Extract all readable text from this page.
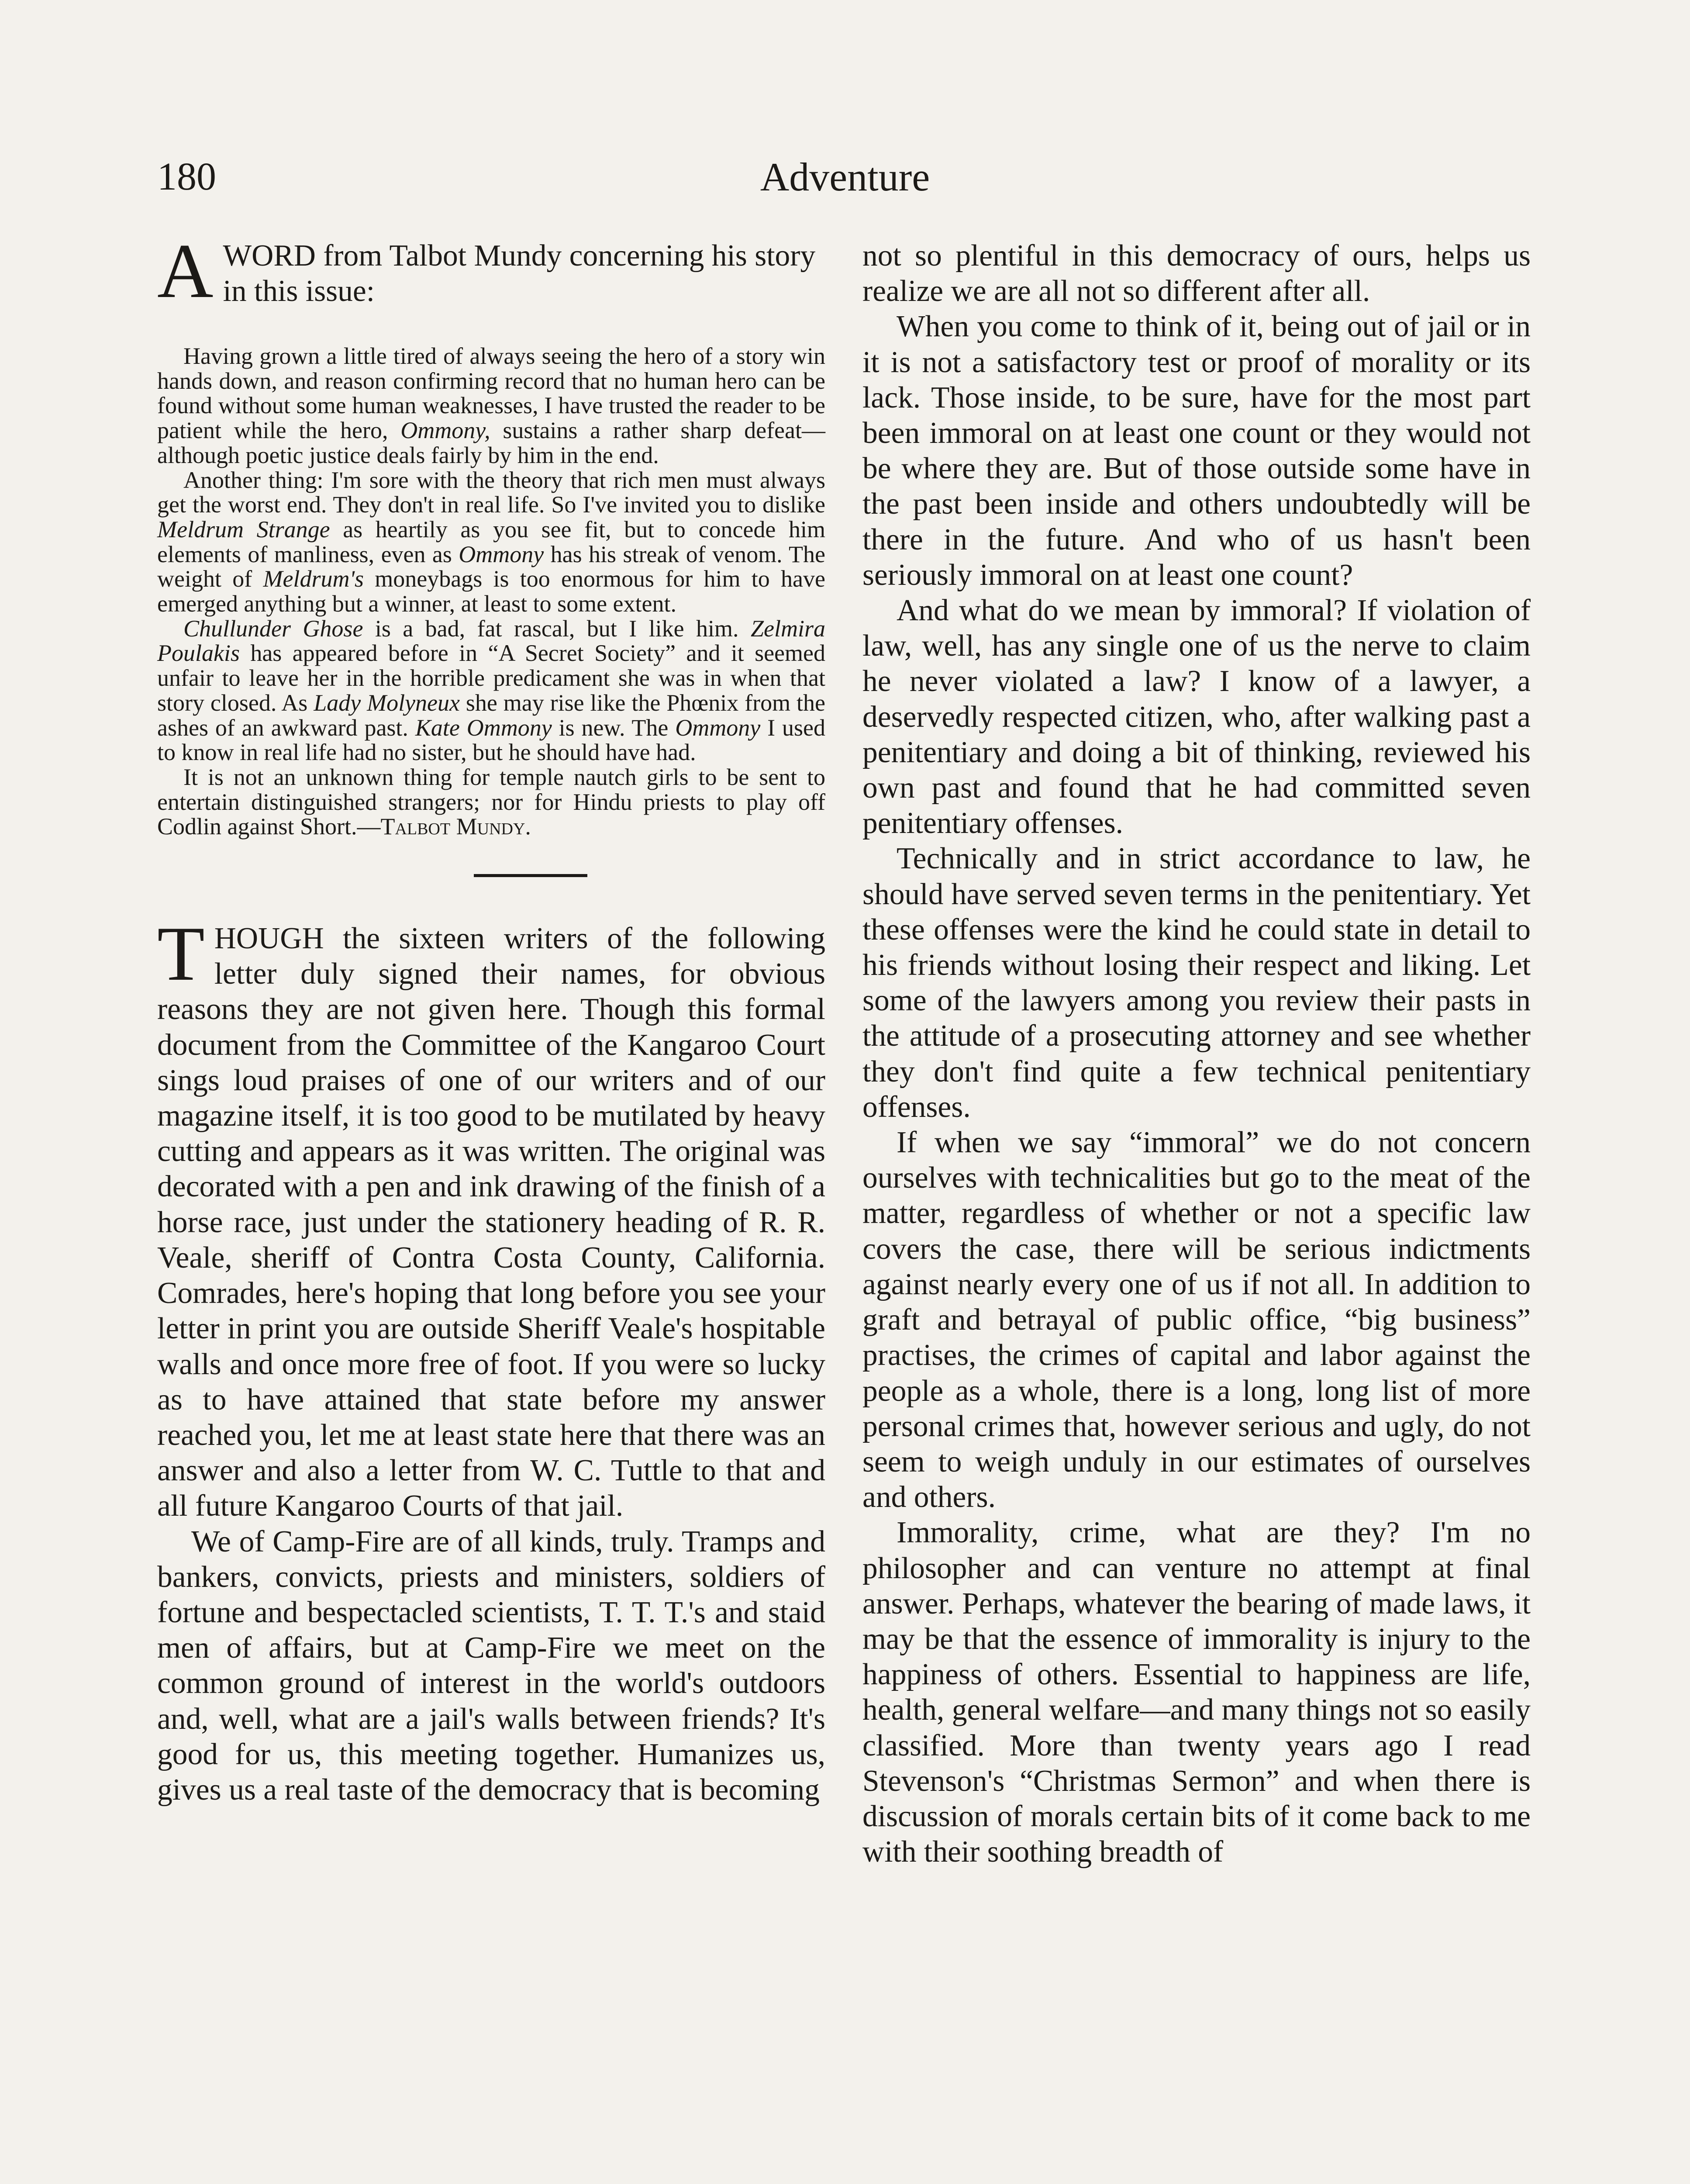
180	Adventure

AWORD from Talbot Mundy concerning his story in this issue:

Having grown a little tired of always seeing the hero of a story win hands down, and reason confirming record that no human hero can be found without some human weaknesses, I have trusted the reader to be patient while the hero, Ommony, sustains a rather sharp defeat—although poetic justice deals fairly by him in the end.

Another thing: I'm sore with the theory that rich men must always get the worst end. They don't in real life. So I've invited you to dislike Meldrum Strange as heartily as you see fit, but to concede him elements of manliness, even as Ommony has his streak of venom. The weight of Meldrum's moneybags is too enormous for him to have emerged anything but a winner, at least to some extent.

Chullunder Ghose is a bad, fat rascal, but I like him. Zelmira Poulakis has appeared before in “A Secret Society” and it seemed unfair to leave her in the horrible predicament she was in when that story closed. As Lady Molyneux she may rise like the Phœnix from the ashes of an awkward past. Kate Ommony is new. The Ommony I used to know in real life had no sister, but he should have had.

It is not an unknown thing for temple nautch girls to be sent to entertain distinguished strangers; nor for Hindu priests to play off Codlin against Short.—Talbot Mundy.

THOUGH the sixteen writers of the following letter duly signed their names, for obvious reasons they are not given here. Though this formal document from the Committee of the Kangaroo Court sings loud praises of one of our writers and of our magazine itself, it is too good to be mutilated by heavy cutting and appears as it was written. The original was decorated with a pen and ink drawing of the finish of a horse race, just under the stationery heading of R. R. Veale, sheriff of Contra Costa County, California. Comrades, here's hoping that long before you see your letter in print you are outside Sheriff Veale's hospitable walls and once more free of foot. If you were so lucky as to have attained that state before my answer reached you, let me at least state here that there was an answer and also a letter from W. C. Tuttle to that and all future Kangaroo Courts of that jail.

We of Camp-Fire are of all kinds, truly. Tramps and bankers, convicts, priests and ministers, soldiers of fortune and bespectacled scientists, T. T. T.'s and staid men of affairs, but at Camp-Fire we meet on the common ground of interest in the world's outdoors and, well, what are a jail's walls between friends? It's good for us, this meeting together. Humanizes us, gives us a real taste of the democracy that is becoming

not so plentiful in this democracy of ours, helps us realize we are all not so different after all.

When you come to think of it, being out of jail or in it is not a satisfactory test or proof of morality or its lack. Those inside, to be sure, have for the most part been immoral on at least one count or they would not be where they are. But of those outside some have in the past been inside and others undoubtedly will be there in the future. And who of us hasn't been seriously immoral on at least one count?

And what do we mean by immoral? If violation of law, well, has any single one of us the nerve to claim he never violated a law? I know of a lawyer, a deservedly respected citizen, who, after walking past a penitentiary and doing a bit of thinking, reviewed his own past and found that he had committed seven penitentiary offenses.

Technically and in strict accordance to law, he should have served seven terms in the penitentiary. Yet these offenses were the kind he could state in detail to his friends without losing their respect and liking. Let some of the lawyers among you review their pasts in the attitude of a prosecuting attorney and see whether they don't find quite a few technical penitentiary offenses.

If when we say “immoral” we do not concern ourselves with technicalities but go to the meat of the matter, regardless of whether or not a specific law covers the case, there will be serious indictments against nearly every one of us if not all. In addition to graft and betrayal of public office, “big business” practises, the crimes of capital and labor against the people as a whole, there is a long, long list of more personal crimes that, however serious and ugly, do not seem to weigh unduly in our estimates of ourselves and others.

Immorality, crime, what are they? I'm no philosopher and can venture no attempt at final answer. Perhaps, whatever the bearing of made laws, it may be that the essence of immorality is injury to the happiness of others. Essential to happiness are life, health, general welfare—and many things not so easily classified. More than twenty years ago I read Stevenson's “Christmas Sermon” and when there is discussion of morals certain bits of it come back to me with their soothing breadth of
